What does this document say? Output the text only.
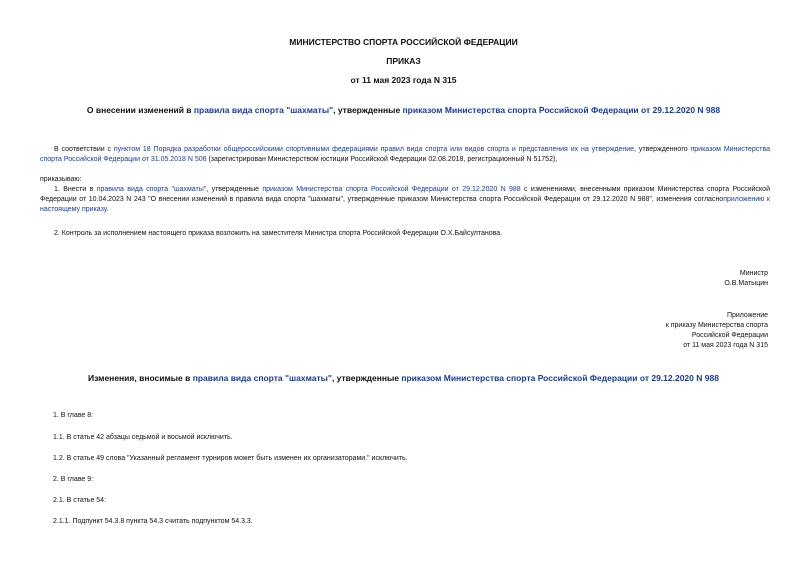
МИНИСТЕРСТВО СПОРТА РОССИЙСКОЙ ФЕДЕРАЦИИ
ПРИКАЗ
от 11 мая 2023 года N 315
О внесении изменений в правила вида спорта "шахматы", утвержденные приказом Министерства спорта Российской Федерации от 29.12.2020 N 988
В соответствии с пунктом 18 Порядка разработки общероссийскими спортивными федерациями правил вида спорта или видов спорта и представления их на утверждение, утвержденного приказом Министерства спорта Российской Федерации от 31.05.2018 N 506 (зарегистрирован Министерством юстиции Российской Федерации 02.08.2018, регистрационный N 51752),
приказываю:
1. Внести в правила вида спорта "шахматы", утвержденные приказом Министерства спорта Российской Федерации от 29.12.2020 N 988 с изменениями, внесенными приказом Министерства спорта Российской Федерации от 10.04.2023 N 243 "О внесении изменений в правила вида спорта "шахматы", утвержденные приказом Министерства спорта Российской Федерации от 29.12.2020 N 988", изменения согласноприложению к настоящему приказу.
2. Контроль за исполнением настоящего приказа возложить на заместителя Министра спорта Российской Федерации О.Х.Байсултанова.
Министр
О.В.Матыцин
Приложение
к приказу Министерства спорта
Российской Федерации
от 11 мая 2023 года N 315
Изменения, вносимые в правила вида спорта "шахматы", утвержденные приказом Министерства спорта Российской Федерации от 29.12.2020 N 988
1. В главе 8:
1.1. В статье 42 абзацы седьмой и восьмой исключить.
1.2. В статье 49 слова "Указанный регламент турниров может быть изменен их организаторами." исключить.
2. В главе 9:
2.1. В статье 54:
2.1.1. Подпункт 54.3.8 пункта 54.3 считать подпунктом 54.3.3.
